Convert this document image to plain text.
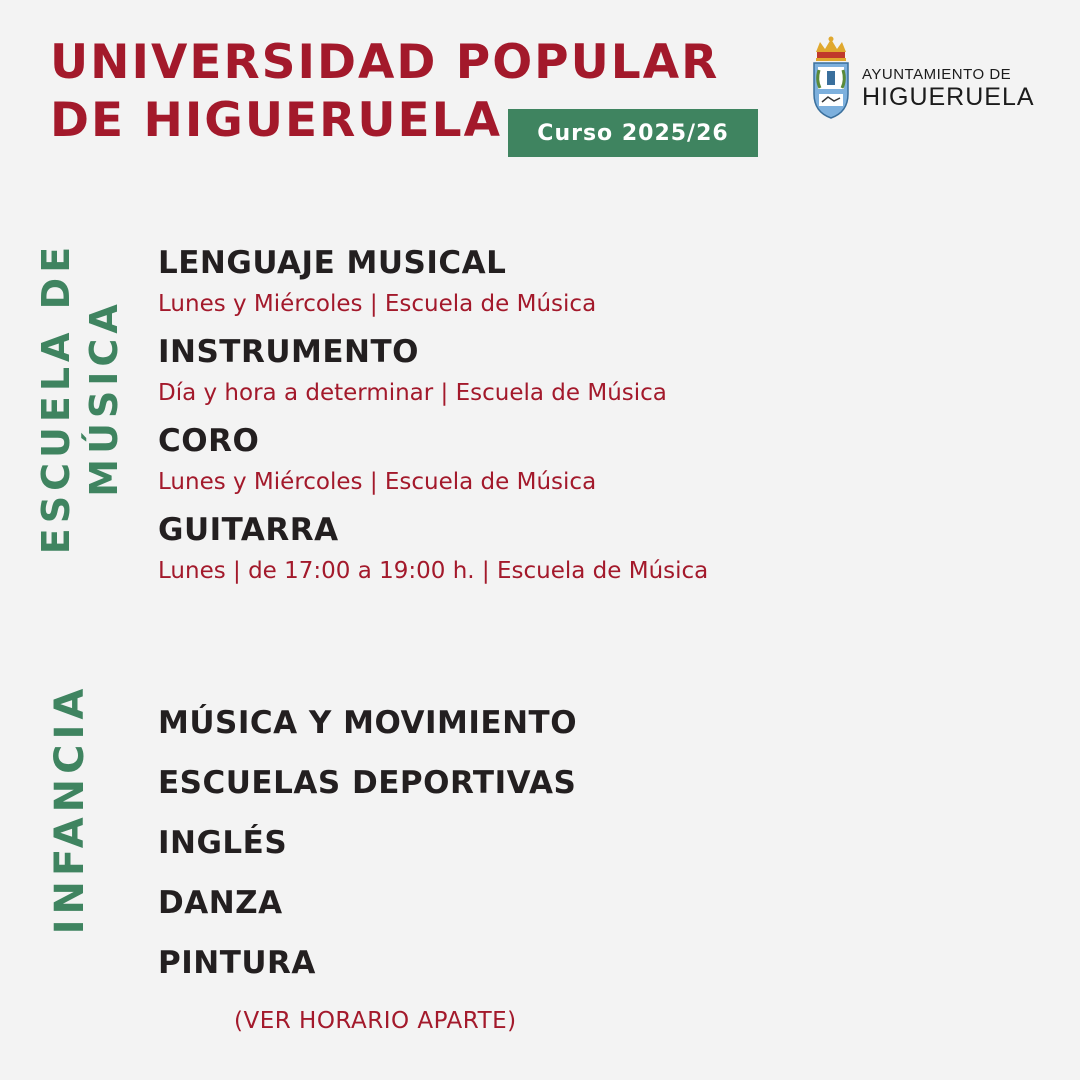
UNIVERSIDAD POPULAR
DE HIGUERUELA	Curso 2025/26
AYUNTAMIENTO DE
HIGUERUELA
ESCUELA DE MÚSICA
LENGUAJE MUSICAL
Lunes y Miércoles | Escuela de Música
INSTRUMENTO
Día y hora a determinar | Escuela de Música
CORO
Lunes y Miércoles | Escuela de Música
GUITARRA
Lunes | de 17:00 a 19:00 h. | Escuela de Música
INFANCIA MÚSICA Y MOVIMIENTO
ESCUELAS DEPORTIVAS
INGLÉS
DANZA
PINTURA
(VER HORARIO APARTE)
